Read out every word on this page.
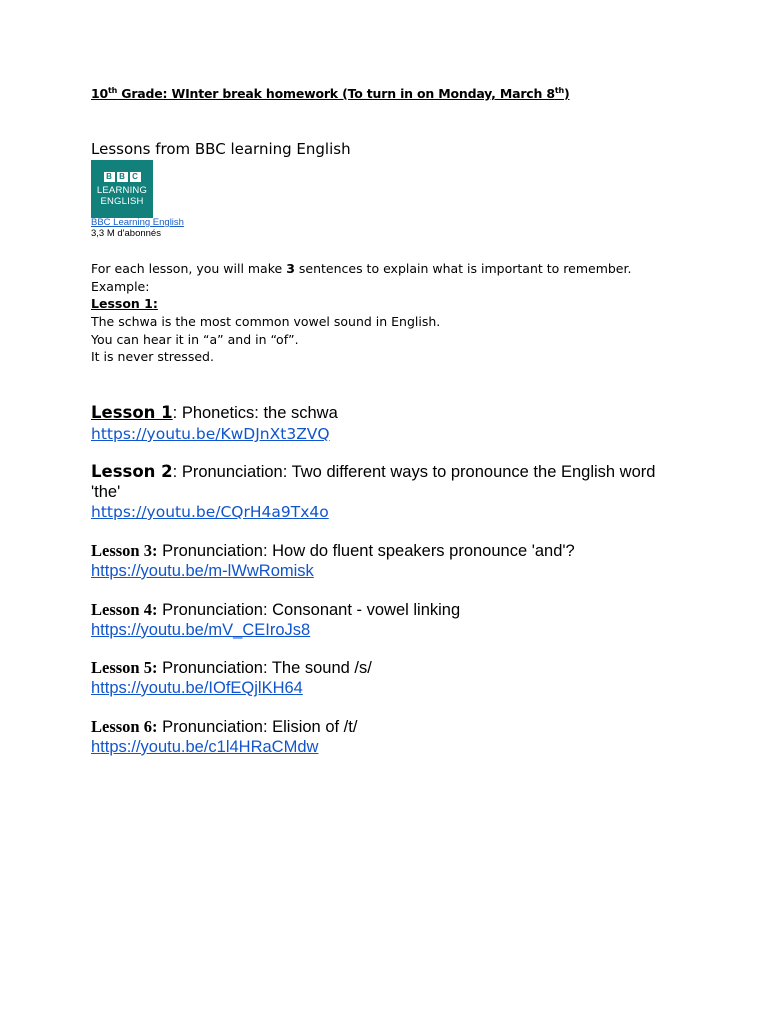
10th Grade: WInter break homework (To turn in on Monday, March 8th)
Lessons from BBC learning English
B B C
LEARNING
ENGLISH
BBC Learning English
3,3 M d'abonnés
For each lesson, you will make 3 sentences to explain what is important to remember.
Example:
Lesson 1:
The schwa is the most common vowel sound in English.
You can hear it in “a” and in “of”.
It is never stressed.
Lesson 1: Phonetics: the schwa
https://youtu.be/KwDJnXt3ZVQ
Lesson 2: Pronunciation: Two different ways to pronounce the English word 'the'
https://youtu.be/CQrH4a9Tx4o
Lesson 3: Pronunciation: How do fluent speakers pronounce 'and'?
https://youtu.be/m-lWwRomisk
Lesson 4: Pronunciation: Consonant - vowel linking
https://youtu.be/mV_CEIroJs8
Lesson 5: Pronunciation: The sound /s/
https://youtu.be/IOfEQjlKH64
Lesson 6: Pronunciation: Elision of /t/
https://youtu.be/c1l4HRaCMdw
